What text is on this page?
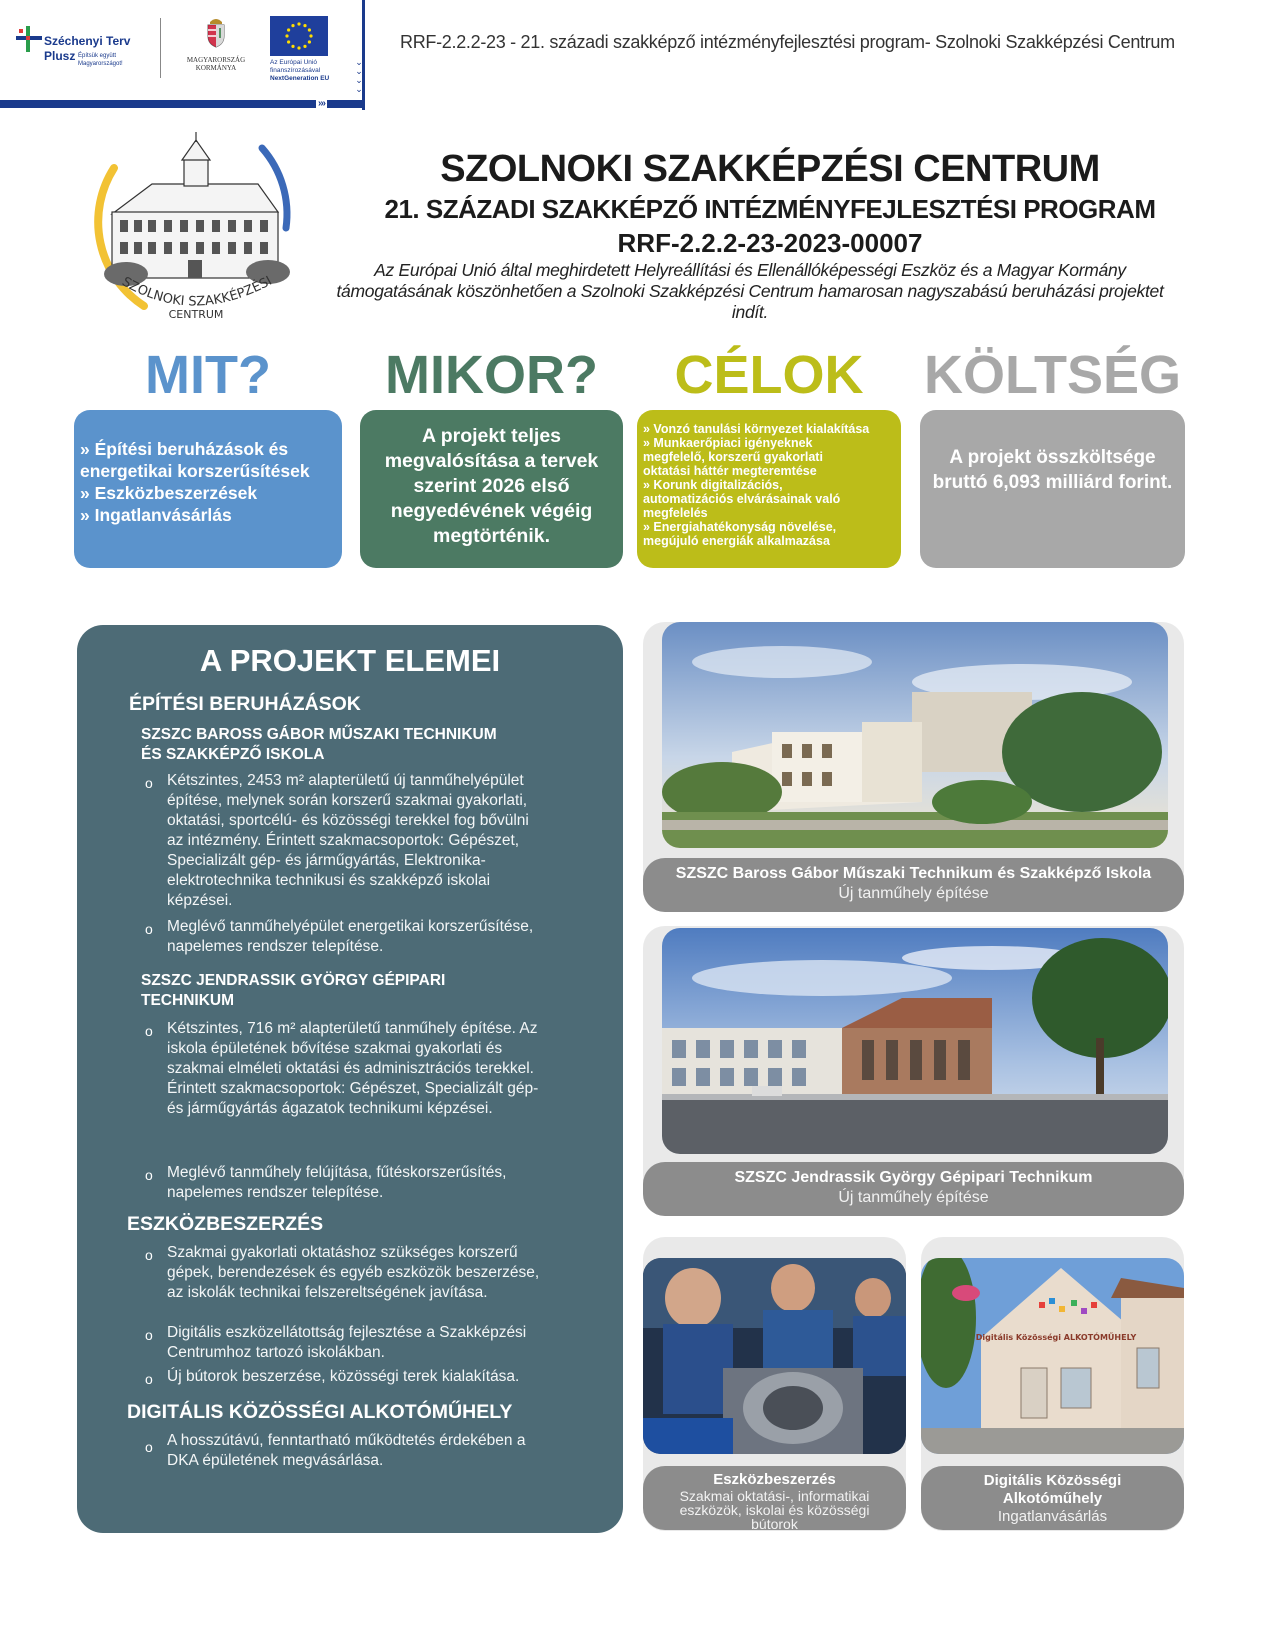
Széchenyi Terv
Plusz Építsük együtt Magyarországot!	MAGYARORSZÁG KORMÁNYA
Az Európai Unió finanszírozásával
NextGeneration EU
⌄
⌄
⌄
⌄
›››
RRF-2.2.2-23 - 21. századi szakképző intézményfejlesztési program- Szolnoki Szakképzési Centrum
SZOLNOKI SZAKKÉPZÉSI
CENTRUM
SZOLNOKI SZAKKÉPZÉSI CENTRUM
21. SZÁZADI SZAKKÉPZŐ INTÉZMÉNYFEJLESZTÉSI PROGRAM
RRF-2.2.2-23-2023-00007
Az Európai Unió által meghirdetett Helyreállítási és Ellenállóképességi Eszköz és a Magyar Kormány támogatásának köszönhetően a Szolnoki Szakképzési Centrum hamarosan nagyszabású beruházási projektet indít.
MIT?	MIKOR?	CÉLOK	KÖLTSÉG
» Építési beruházások és
energetikai korszerűsítések
» Eszközbeszerzések
» Ingatlanvásárlás
A projekt teljes megvalósítása a tervek szerint 2026 első negyedévének végéig megtörténik.
» Vonzó tanulási környezet kialakítása
» Munkaerőpiaci igényeknek
megfelelő, korszerű gyakorlati
oktatási háttér megteremtése
» Korunk digitalizációs,
automatizációs elvárásainak való
megfelelés
» Energiahatékonyság növelése,
megújuló energiák alkalmazása
A projekt összköltsége bruttó 6,093 milliárd forint.
A PROJEKT ELEMEI
ÉPÍTÉSI BERUHÁZÁSOK
SZSZC BAROSS GÁBOR MŰSZAKI TECHNIKUM
ÉS SZAKKÉPZŐ ISKOLA
o Kétszintes, 2453 m² alapterületű új tanműhelyépület építése, melynek során korszerű szakmai gyakorlati, oktatási, sportcélú- és közösségi terekkel fog bővülni az intézmény. Érintett szakmacsoportok: Gépészet, Specializált gép- és járműgyártás, Elektronika-elektrotechnika technikusi és szakképző iskolai képzései.
o Meglévő tanműhelyépület energetikai korszerűsítése, napelemes rendszer telepítése.
SZSZC JENDRASSIK GYÖRGY GÉPIPARI
TECHNIKUM
o Kétszintes, 716 m² alapterületű tanműhely építése. Az iskola épületének bővítése szakmai gyakorlati és szakmai elméleti oktatási és adminisztrációs terekkel. Érintett szakmacsoportok: Gépészet, Specializált gép- és járműgyártás ágazatok technikumi képzései.
o Meglévő tanműhely felújítása, fűtéskorszerűsítés, napelemes rendszer telepítése.
ESZKÖZBESZERZÉS
o Szakmai gyakorlati oktatáshoz szükséges korszerű gépek, berendezések és egyéb eszközök beszerzése, az iskolák technikai felszereltségének javítása.
o Digitális eszközellátottság fejlesztése a Szakképzési Centrumhoz tartozó iskolákban.
o Új bútorok beszerzése, közösségi terek kialakítása.
DIGITÁLIS KÖZÖSSÉGI ALKOTÓMŰHELY
o A hosszútávú, fenntartható működtetés érdekében a DKA épületének megvásárlása.
SZSZC Baross Gábor Műszaki Technikum és Szakképző Iskola
Új tanműhely építése
SZSZC Jendrassik György Gépipari Technikum
Új tanműhely építése
Eszközbeszerzés
Szakmai oktatási-, informatikai eszközök, iskolai és közösségi bútorok
Digitális Közösségi ALKOTÓMŰHELY
Digitális Közösségi Alkotóműhely
Ingatlanvásárlás
